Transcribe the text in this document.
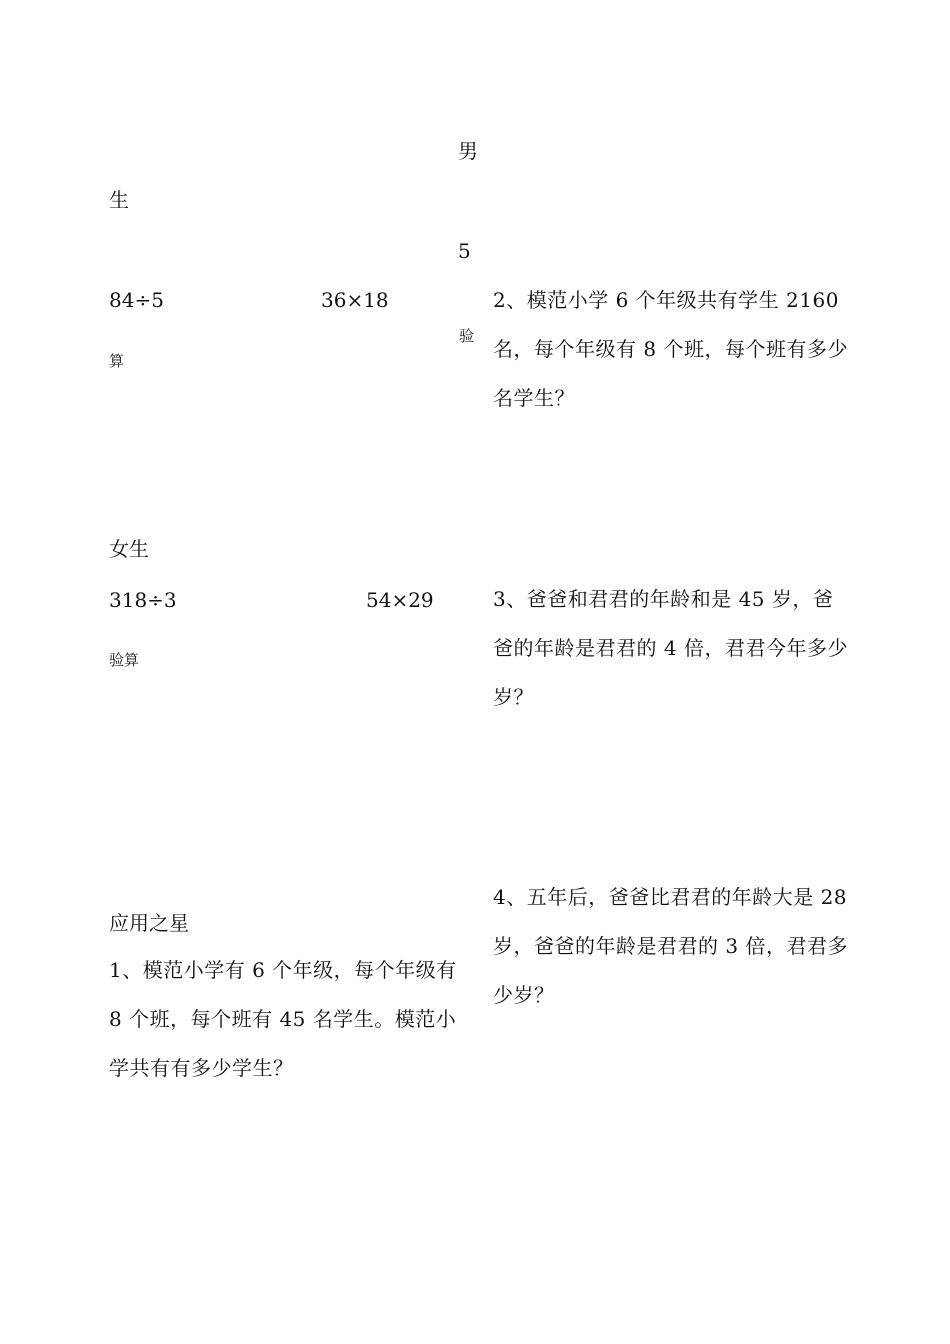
男
生
5
84÷5	36×18
验
算
女生
318÷3	54×29
验算
应用之星
1、模范小学有 6 个年级，每个年级有 8 个班，每个班有 45 名学生。模范小学共有有多少学生？
2、模范小学 6 个年级共有学生 2160 名，每个年级有 8 个班，每个班有多少名学生？
3、爸爸和君君的年龄和是 45 岁，爸爸的年龄是君君的 4 倍，君君今年多少岁？
4、五年后，爸爸比君君的年龄大是 28 岁，爸爸的年龄是君君的 3 倍，君君多少岁？
